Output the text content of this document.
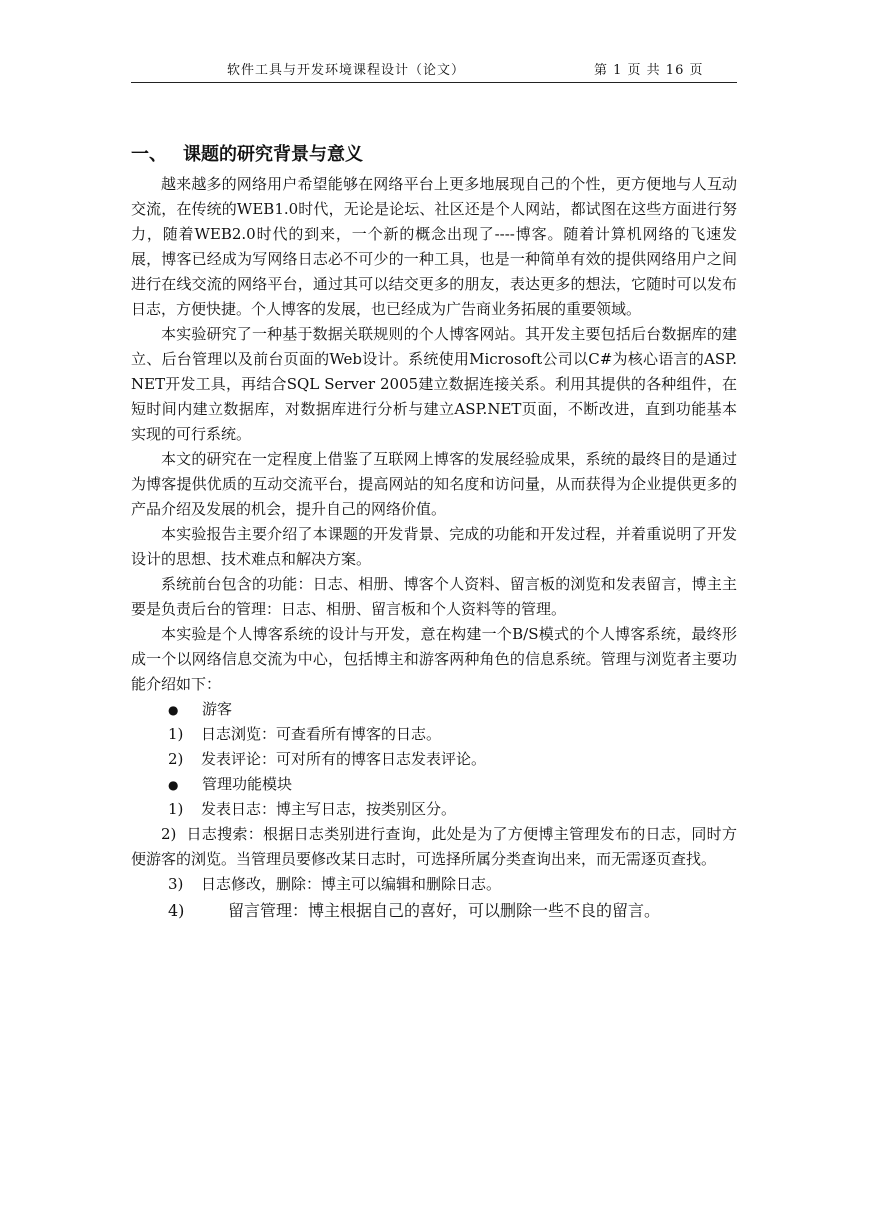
软件工具与开发环境课程设计（论文）	第 1 页 共 16 页
一、 课题的研究背景与意义

越来越多的网络用户希望能够在网络平台上更多地展现自己的个性，更方便地与人互动交流，在传统的WEB1.0时代，无论是论坛、社区还是个人网站，都试图在这些方面进行努力，随着WEB2.0时代的到来，一个新的概念出现了----博客。随着计算机网络的飞速发展，博客已经成为写网络日志必不可少的一种工具，也是一种简单有效的提供网络用户之间进行在线交流的网络平台，通过其可以结交更多的朋友，表达更多的想法，它随时可以发布日志，方便快捷。个人博客的发展，也已经成为广告商业务拓展的重要领域。

本实验研究了一种基于数据关联规则的个人博客网站。其开发主要包括后台数据库的建立、后台管理以及前台页面的Web设计。系统使用Microsoft公司以C#为核心语言的ASP.NET开发工具，再结合SQL Server 2005建立数据连接关系。利用其提供的各种组件，在短时间内建立数据库，对数据库进行分析与建立ASP.NET页面，不断改进，直到功能基本实现的可行系统。

本文的研究在一定程度上借鉴了互联网上博客的发展经验成果，系统的最终目的是通过为博客提供优质的互动交流平台，提高网站的知名度和访问量，从而获得为企业提供更多的产品介绍及发展的机会，提升自己的网络价值。

本实验报告主要介绍了本课题的开发背景、完成的功能和开发过程，并着重说明了开发设计的思想、技术难点和解决方案。

系统前台包含的功能：日志、相册、博客个人资料、留言板的浏览和发表留言，博主主要是负责后台的管理：日志、相册、留言板和个人资料等的管理。

本实验是个人博客系统的设计与开发，意在构建一个B/S模式的个人博客系统，最终形成一个以网络信息交流为中心，包括博主和游客两种角色的信息系统。管理与浏览者主要功能介绍如下：

● 游客
1) 日志浏览：可查看所有博客的日志。
2) 发表评论：可对所有的博客日志发表评论。
● 管理功能模块
1) 发表日志：博主写日志，按类别区分。

2) 日志搜索：根据日志类别进行查询，此处是为了方便博主管理发布的日志，同时方便游客的浏览。当管理员要修改某日志时，可选择所属分类查询出来，而无需逐页查找。

3) 日志修改，删除：博主可以编辑和删除日志。
4)	留言管理：博主根据自己的喜好，可以删除一些不良的留言。
